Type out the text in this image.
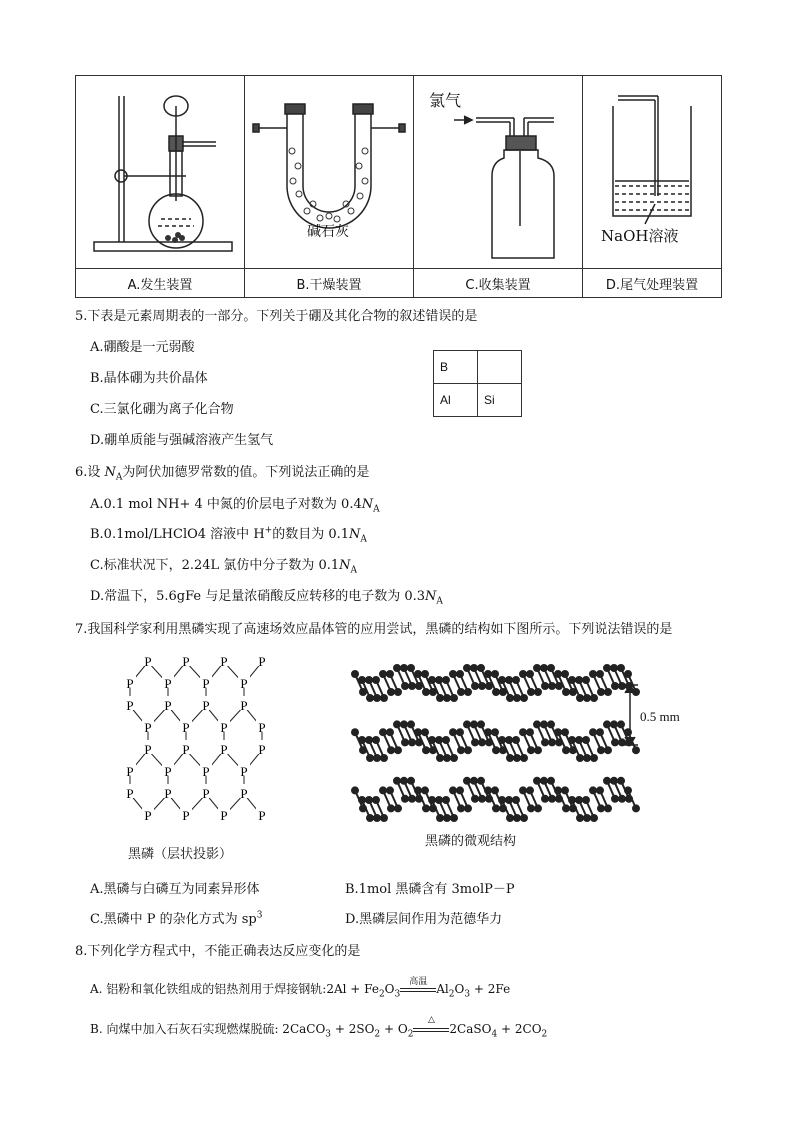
碱石灰	氯气	NaOH溶液

A.发生装置	B.干燥装置	C.收集装置	D.尾气处理装置
5.下表是元素周期表的一部分。下列关于硼及其化合物的叙述错误的是
A.硼酸是一元弱酸
B.晶体硼为共价晶体
C.三氯化硼为离子化合物
D.硼单质能与强碱溶液产生氢气
B	
Al	Si
6.设 $N_A$为阿伏加德罗常数的值。下列说法正确的是
A.0.1 mol NH+ 4 中氮的价层电子对数为 $0.4N_A$
B.0.1mol/LHClO4 溶液中 H+的数目为 $0.1N_A$
C.标准状况下，2.24L 氯仿中分子数为 $0.1N_A$
D.常温下，5.6gFe 与足量浓硝酸反应转移的电子数为 $0.3N_A$
7.我国科学家利用黑磷实现了高速场效应晶体管的应用尝试，黑磷的结构如下图所示。下列说法错误的是
P P P P
P P P P
P P P P
P P P P
P P P P
P P P P
P P P P
P P P P
黑磷（层状投影）
0.5 mm
黑磷的微观结构
A.黑磷与白磷互为同素异形体	B.1mol 黑磷含有 3molP－P
C.黑磷中 P 的杂化方式为 $sp^3$	D.黑磷层间作用为范德华力
8.下列化学方程式中，不能正确表达反应变化的是
A. 铝粉和氧化铁组成的铝热剂用于焊接钢轨:2Al + $Fe_2O_3$
高温
$Al_2O_3 + 2Fe$
B. 向煤中加入石灰石实现燃煤脱硫: 2CaCO$_3$ + $2SO_2 + O_2$
△
2CaSO$_4$ + $2CO_2$
